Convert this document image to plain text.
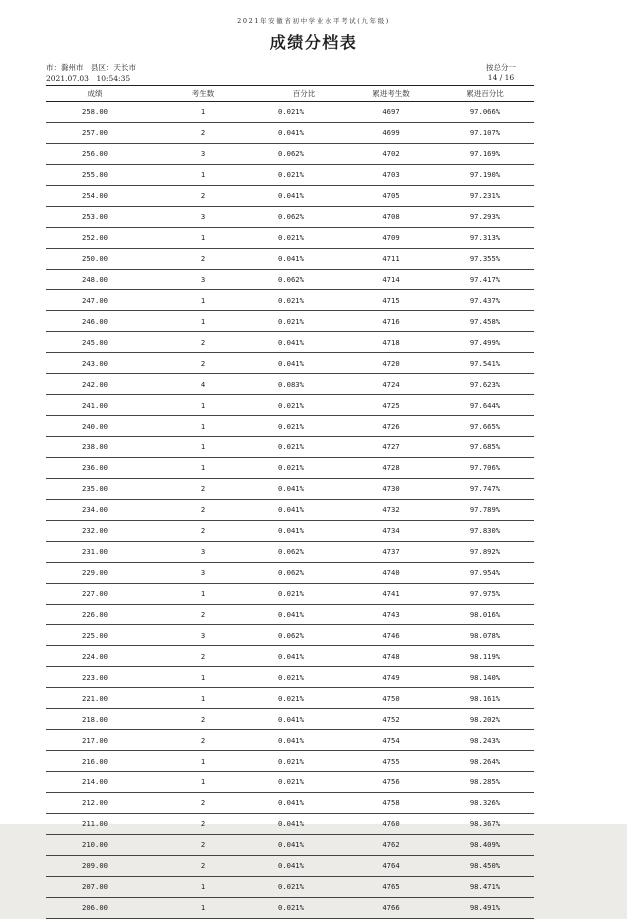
2021年安徽省初中学业水平考试(九年级)
成绩分档表
市：滁州市　县区：天长市
2021.07.03　10:54:35
按总分一
14 / 16
成绩	考生数	百分比	累进考生数	累进百分比
258.00	1	0.021%	4697	97.066%
257.00	2	0.041%	4699	97.107%
256.00	3	0.062%	4702	97.169%
255.00	1	0.021%	4703	97.190%
254.00	2	0.041%	4705	97.231%
253.00	3	0.062%	4708	97.293%
252.00	1	0.021%	4709	97.313%
250.00	2	0.041%	4711	97.355%
248.00	3	0.062%	4714	97.417%
247.00	1	0.021%	4715	97.437%
246.00	1	0.021%	4716	97.458%
245.00	2	0.041%	4718	97.499%
243.00	2	0.041%	4720	97.541%
242.00	4	0.083%	4724	97.623%
241.00	1	0.021%	4725	97.644%
240.00	1	0.021%	4726	97.665%
238.00	1	0.021%	4727	97.685%
236.00	1	0.021%	4728	97.706%
235.00	2	0.041%	4730	97.747%
234.00	2	0.041%	4732	97.789%
232.00	2	0.041%	4734	97.830%
231.00	3	0.062%	4737	97.892%
229.00	3	0.062%	4740	97.954%
227.00	1	0.021%	4741	97.975%
226.00	2	0.041%	4743	98.016%
225.00	3	0.062%	4746	98.078%
224.00	2	0.041%	4748	98.119%
223.00	1	0.021%	4749	98.140%
221.00	1	0.021%	4750	98.161%
218.00	2	0.041%	4752	98.202%
217.00	2	0.041%	4754	98.243%
216.00	1	0.021%	4755	98.264%
214.00	1	0.021%	4756	98.285%
212.00	2	0.041%	4758	98.326%
211.00	2	0.041%	4760	98.367%
210.00	2	0.041%	4762	98.409%
209.00	2	0.041%	4764	98.450%
207.00	1	0.021%	4765	98.471%
206.00	1	0.021%	4766	98.491%
